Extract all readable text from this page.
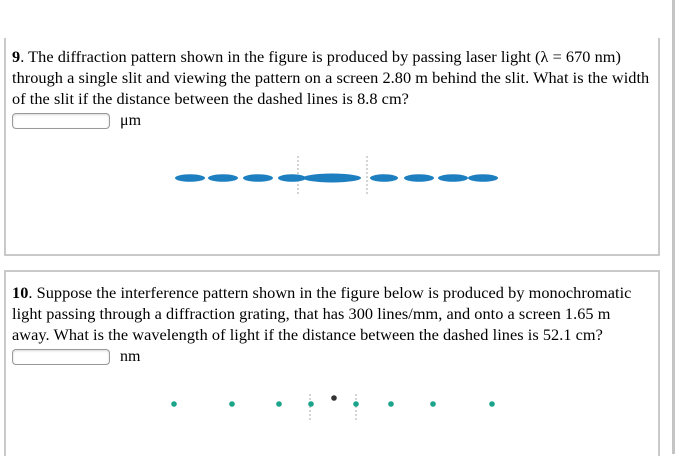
9. The diffraction pattern shown in the figure is produced by passing laser light (λ = 670 nm) through a single slit and viewing the pattern on a screen 2.80 m behind the slit. What is the width of the slit if the distance between the dashed lines is 8.8 cm?
μm
10. Suppose the interference pattern shown in the figure below is produced by monochromatic light passing through a diffraction grating, that has 300 lines/mm, and onto a screen 1.65 m away. What is the wavelength of light if the distance between the dashed lines is 52.1 cm?
nm
